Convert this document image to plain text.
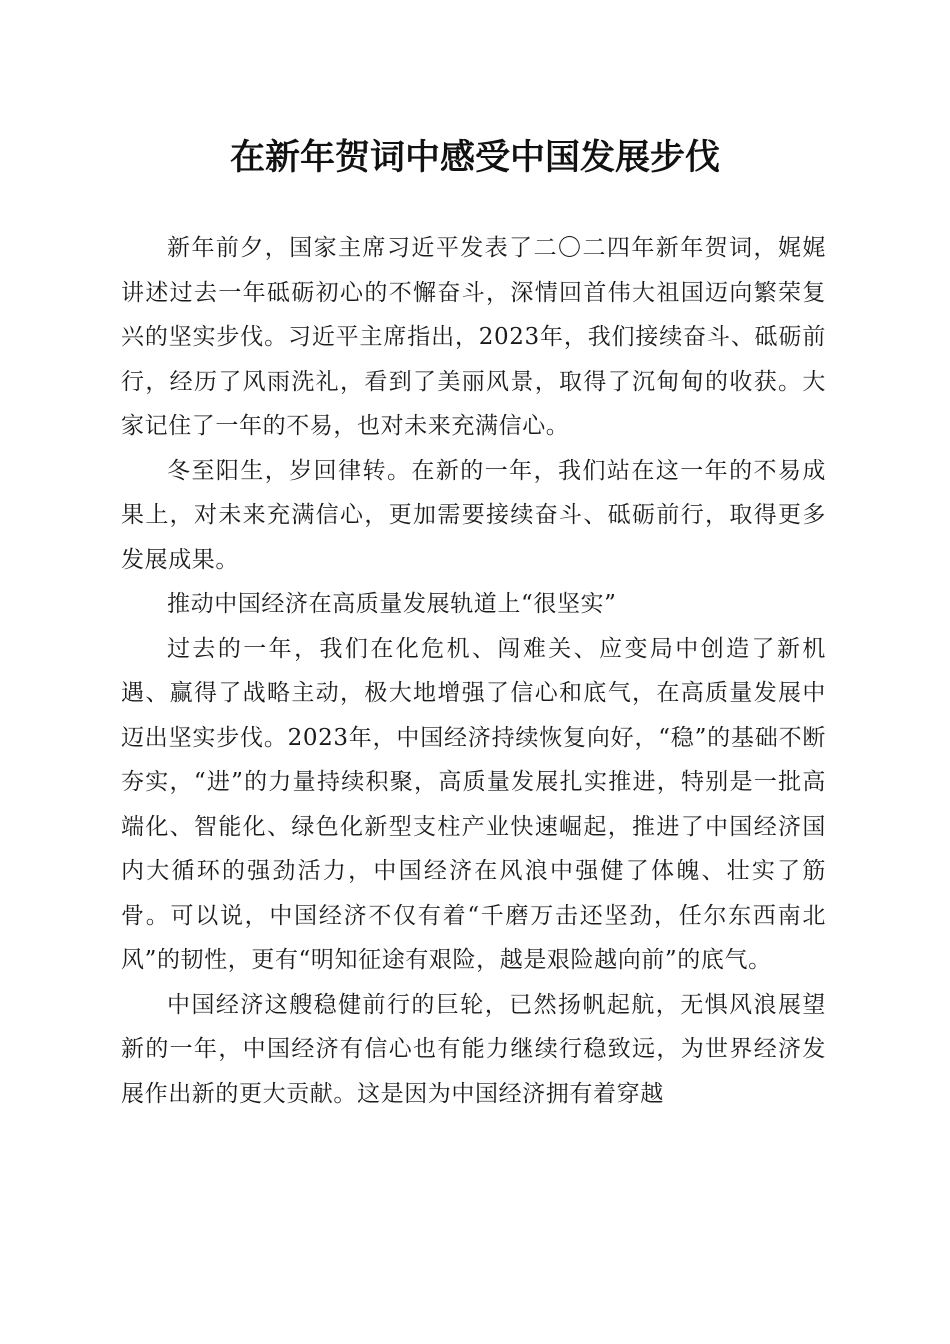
在新年贺词中感受中国发展步伐

新年前夕，国家主席习近平发表了二〇二四年新年贺词，娓娓讲述过去一年砥砺初心的不懈奋斗，深情回首伟大祖国迈向繁荣复兴的坚实步伐。习近平主席指出，2023年，我们接续奋斗、砥砺前行，经历了风雨洗礼，看到了美丽风景，取得了沉甸甸的收获。大家记住了一年的不易，也对未来充满信心。

冬至阳生，岁回律转。在新的一年，我们站在这一年的不易成果上，对未来充满信心，更加需要接续奋斗、砥砺前行，取得更多发展成果。

推动中国经济在高质量发展轨道上“很坚实”

过去的一年，我们在化危机、闯难关、应变局中创造了新机遇、赢得了战略主动，极大地增强了信心和底气，在高质量发展中迈出坚实步伐。2023年，中国经济持续恢复向好，“稳”的基础不断夯实，“进”的力量持续积聚，高质量发展扎实推进，特别是一批高端化、智能化、绿色化新型支柱产业快速崛起，推进了中国经济国内大循环的强劲活力，中国经济在风浪中强健了体魄、壮实了筋骨。可以说，中国经济不仅有着“千磨万击还坚劲，任尔东西南北风”的韧性，更有“明知征途有艰险，越是艰险越向前”的底气。

中国经济这艘稳健前行的巨轮，已然扬帆起航，无惧风浪展望新的一年，中国经济有信心也有能力继续行稳致远，为世界经济发展作出新的更大贡献。这是因为中国经济拥有着穿越
